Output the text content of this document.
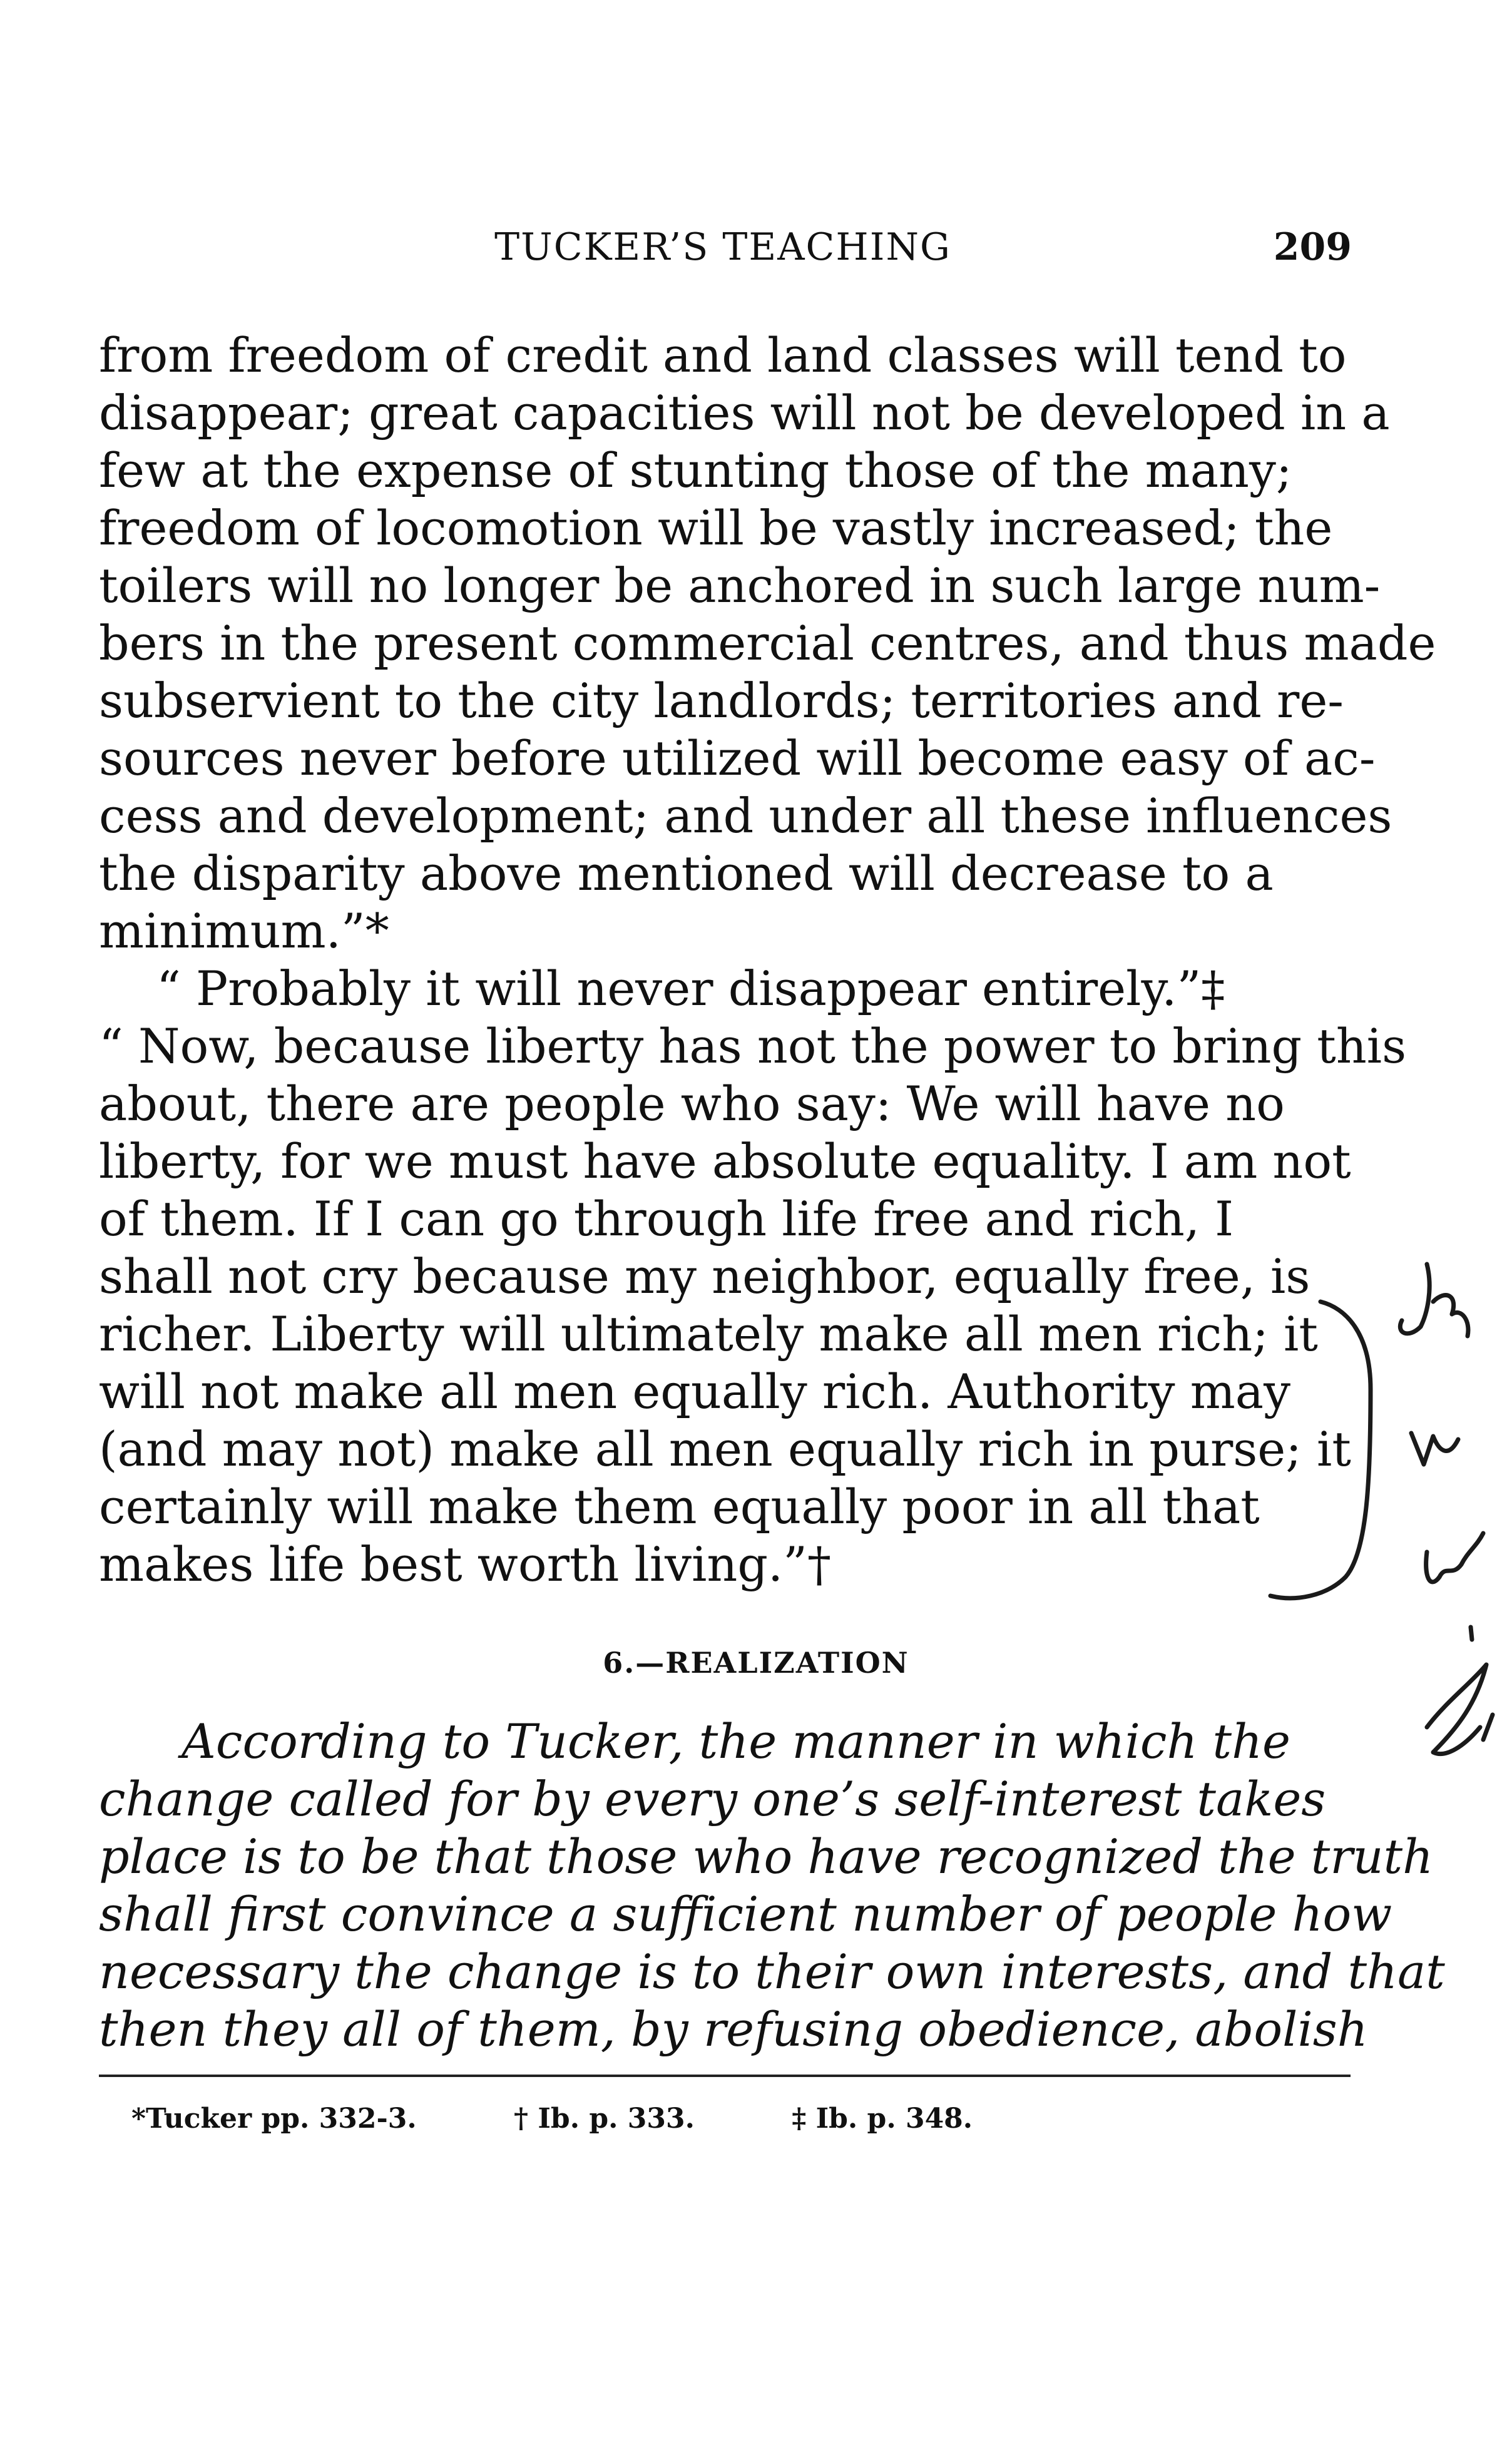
TUCKER’S TEACHING	209
from freedom of credit and land classes will tend to
disappear; great capacities will not be developed in a
few at the expense of stunting those of the many;
freedom of locomotion will be vastly increased; the
toilers will no longer be anchored in such large num-
bers in the present commercial centres, and thus made
subservient to the city landlords; territories and re-
sources never before utilized will become easy of ac-
cess and development; and under all these influences
the disparity above mentioned will decrease to a
minimum.”*
“ Probably it will never disappear entirely.”‡
“ Now, because liberty has not the power to bring this
about, there are people who say: We will have no
liberty, for we must have absolute equality. I am not
of them. If I can go through life free and rich, I
shall not cry because my neighbor, equally free, is
richer. Liberty will ultimately make all men rich; it
will not make all men equally rich. Authority may
(and may not) make all men equally rich in purse; it
certainly will make them equally poor in all that
makes life best worth living.”†
6.—REALIZATION
According to Tucker, the manner in which the
change called for by every one’s self-interest takes
place is to be that those who have recognized the truth
shall first convince a sufficient number of people how
necessary the change is to their own interests, and that
then they all of them, by refusing obedience, abolish
*Tucker pp. 332-3.	† Ib. p. 333.	‡ Ib. p. 348.
